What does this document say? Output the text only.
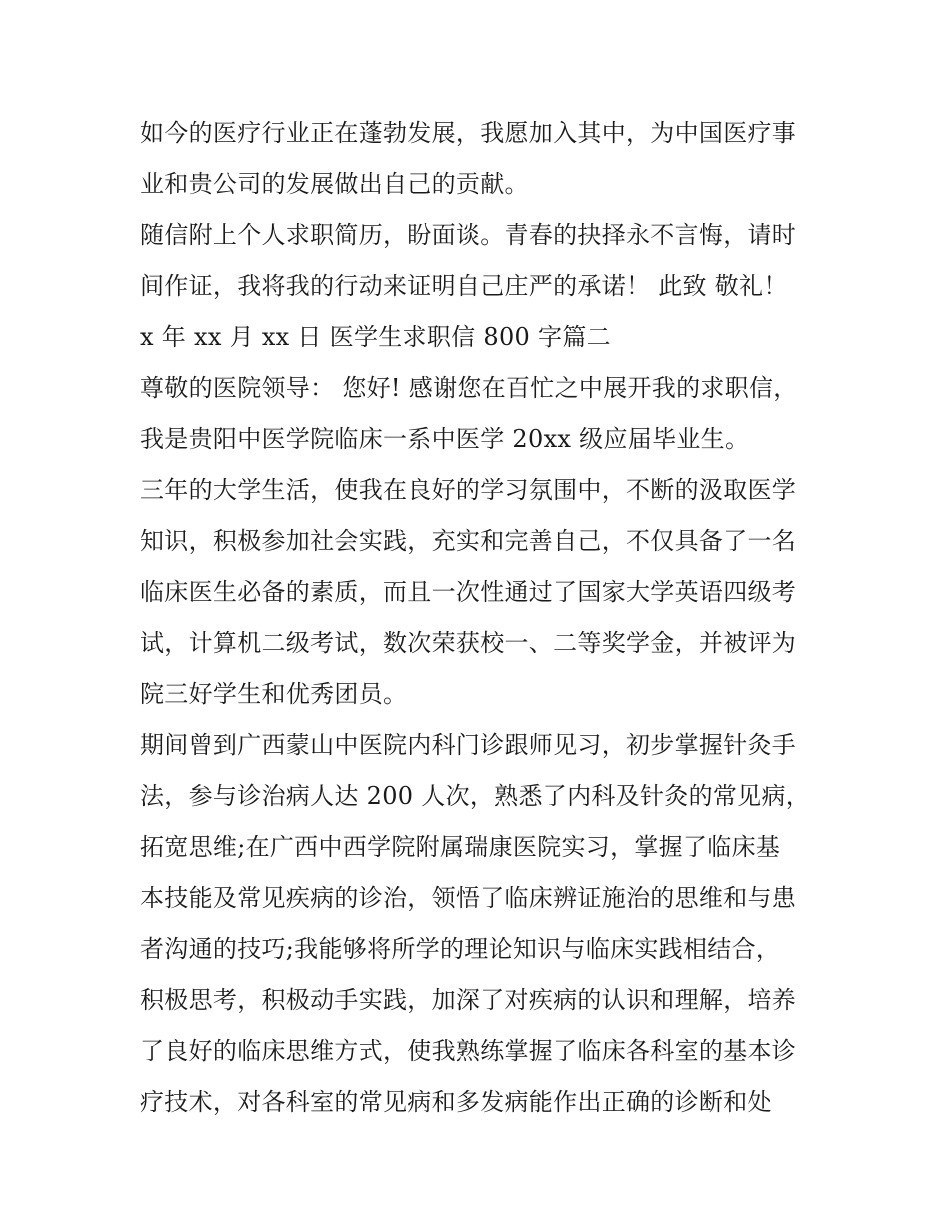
如今的医疗行业正在蓬勃发展，我愿加入其中，为中国医疗事
业和贵公司的发展做出自己的贡献。
随信附上个人求职简历，盼面谈。青春的抉择永不言悔，请时
间作证，我将我的行动来证明自己庄严的承诺！ 此致 敬礼！
x 年 xx 月 xx 日 医学生求职信 800 字篇二
尊敬的医院领导： 您好! 感谢您在百忙之中展开我的求职信，
我是贵阳中医学院临床一系中医学 20xx 级应届毕业生。
三年的大学生活，使我在良好的学习氛围中，不断的汲取医学
知识，积极参加社会实践，充实和完善自己，不仅具备了一名
临床医生必备的素质，而且一次性通过了国家大学英语四级考
试，计算机二级考试，数次荣获校一、二等奖学金，并被评为
院三好学生和优秀团员。
期间曾到广西蒙山中医院内科门诊跟师见习，初步掌握针灸手
法，参与诊治病人达 200 人次，熟悉了内科及针灸的常见病，
拓宽思维;在广西中西学院附属瑞康医院实习，掌握了临床基
本技能及常见疾病的诊治，领悟了临床辨证施治的思维和与患
者沟通的技巧;我能够将所学的理论知识与临床实践相结合，
积极思考，积极动手实践，加深了对疾病的认识和理解，培养
了良好的临床思维方式，使我熟练掌握了临床各科室的基本诊
疗技术，对各科室的常见病和多发病能作出正确的诊断和处
